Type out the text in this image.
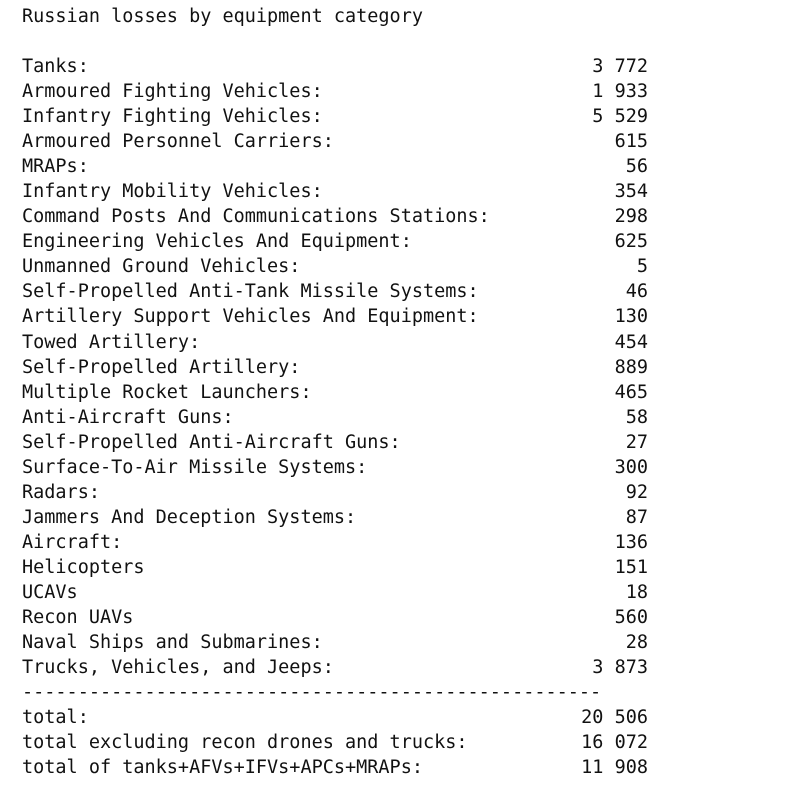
Russian losses by equipment category
Tanks:	3 772
Armoured Fighting Vehicles:	1 933
Infantry Fighting Vehicles:	5 529
Armoured Personnel Carriers:	615
MRAPs:	56
Infantry Mobility Vehicles:	354
Command Posts And Communications Stations:	298
Engineering Vehicles And Equipment:	625
Unmanned Ground Vehicles:	5
Self-Propelled Anti-Tank Missile Systems:	46
Artillery Support Vehicles And Equipment:	130
Towed Artillery:	454
Self-Propelled Artillery:	889
Multiple Rocket Launchers:	465
Anti-Aircraft Guns:	58
Self-Propelled Anti-Aircraft Guns:	27
Surface-To-Air Missile Systems:	300
Radars:	92
Jammers And Deception Systems:	87
Aircraft:	136
Helicopters	151
UCAVs	18
Recon UAVs	560
Naval Ships and Submarines:	28
Trucks, Vehicles, and Jeeps:	3 873
----------------------------------------------------
total:	20 506
total excluding recon drones and trucks:	16 072
total of tanks+AFVs+IFVs+APCs+MRAPs:	11 908
